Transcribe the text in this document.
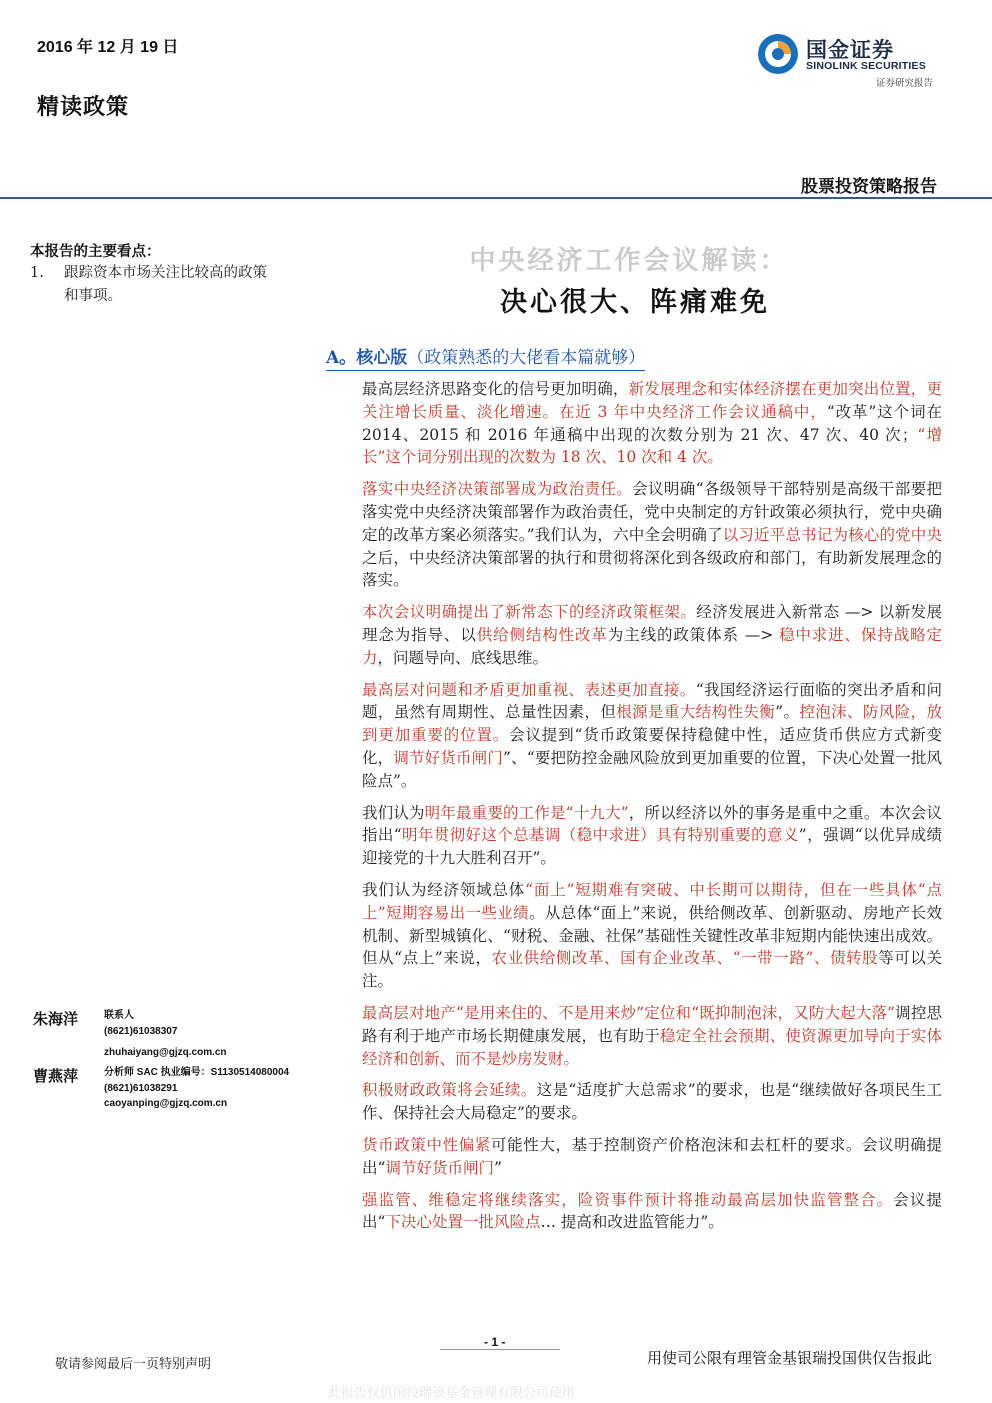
2016 年 12 月 19 日
精读政策
国金证券
SINOLINK SECURITIES
证券研究报告
股票投资策略报告
本报告的主要看点：
1.	跟踪资本市场关注比较高的政策和事项。
中央经济工作会议解读：
决心很大、阵痛难免
A。核心版（政策熟悉的大佬看本篇就够）

最高层经济思路变化的信号更加明确，新发展理念和实体经济摆在更加突出位置，更关注增长质量、淡化增速。在近 3 年中央经济工作会议通稿中，“改革”这个词在 2014、2015 和 2016 年通稿中出现的次数分别为 21 次、47 次、40 次；“增长”这个词分别出现的次数为 18 次、10 次和 4 次。

落实中央经济决策部署成为政治责任。会议明确“各级领导干部特别是高级干部要把落实党中央经济决策部署作为政治责任，党中央制定的方针政策必须执行，党中央确定的改革方案必须落实。”我们认为，六中全会明确了以习近平总书记为核心的党中央之后，中央经济决策部署的执行和贯彻将深化到各级政府和部门，有助新发展理念的落实。

本次会议明确提出了新常态下的经济政策框架。经济发展进入新常态 —> 以新发展理念为指导、以供给侧结构性改革为主线的政策体系 —> 稳中求进、保持战略定力，问题导向、底线思维。

最高层对问题和矛盾更加重视、表述更加直接。“我国经济运行面临的突出矛盾和问题，虽然有周期性、总量性因素，但根源是重大结构性失衡”。控泡沫、防风险，放到更加重要的位置。会议提到“货币政策要保持稳健中性，适应货币供应方式新变化，调节好货币闸门”、“要把防控金融风险放到更加重要的位置，下决心处置一批风险点”。

我们认为明年最重要的工作是“十九大”，所以经济以外的事务是重中之重。本次会议指出“明年贯彻好这个总基调（稳中求进）具有特别重要的意义”，强调“以优异成绩迎接党的十九大胜利召开”。

我们认为经济领域总体“面上”短期难有突破、中长期可以期待，但在一些具体“点上”短期容易出一些业绩。从总体“面上”来说，供给侧改革、创新驱动、房地产长效机制、新型城镇化、“财税、金融、社保”基础性关键性改革非短期内能快速出成效。但从“点上”来说，农业供给侧改革、国有企业改革、“一带一路”、债转股等可以关注。

最高层对地产“是用来住的、不是用来炒”定位和“既抑制泡沫，又防大起大落”调控思路有利于地产市场长期健康发展，也有助于稳定全社会预期、使资源更加导向于实体经济和创新、而不是炒房发财。

积极财政政策将会延续。这是“适度扩大总需求”的要求，也是“继续做好各项民生工作、保持社会大局稳定”的要求。

货币政策中性偏紧可能性大，基于控制资产价格泡沫和去杠杆的要求。会议明确提出“调节好货币闸门”

强监管、维稳定将继续落实，险资事件预计将推动最高层加快监管整合。会议提出“下决心处置一批风险点… 提高和改进监管能力”。

朱海洋	联系人
(8621)61038307
zhuhaiyang@gjzq.com.cn
曹燕萍	分析师 SAC 执业编号：S1130514080004
(8621)61038291
caoyanping@gjzq.com.cn
- 1 -
敬请参阅最后一页特别声明	用使司公限有理管金基银瑞投国供仅告报此
此报告仅供国投瑞银基金管理有限公司使用
